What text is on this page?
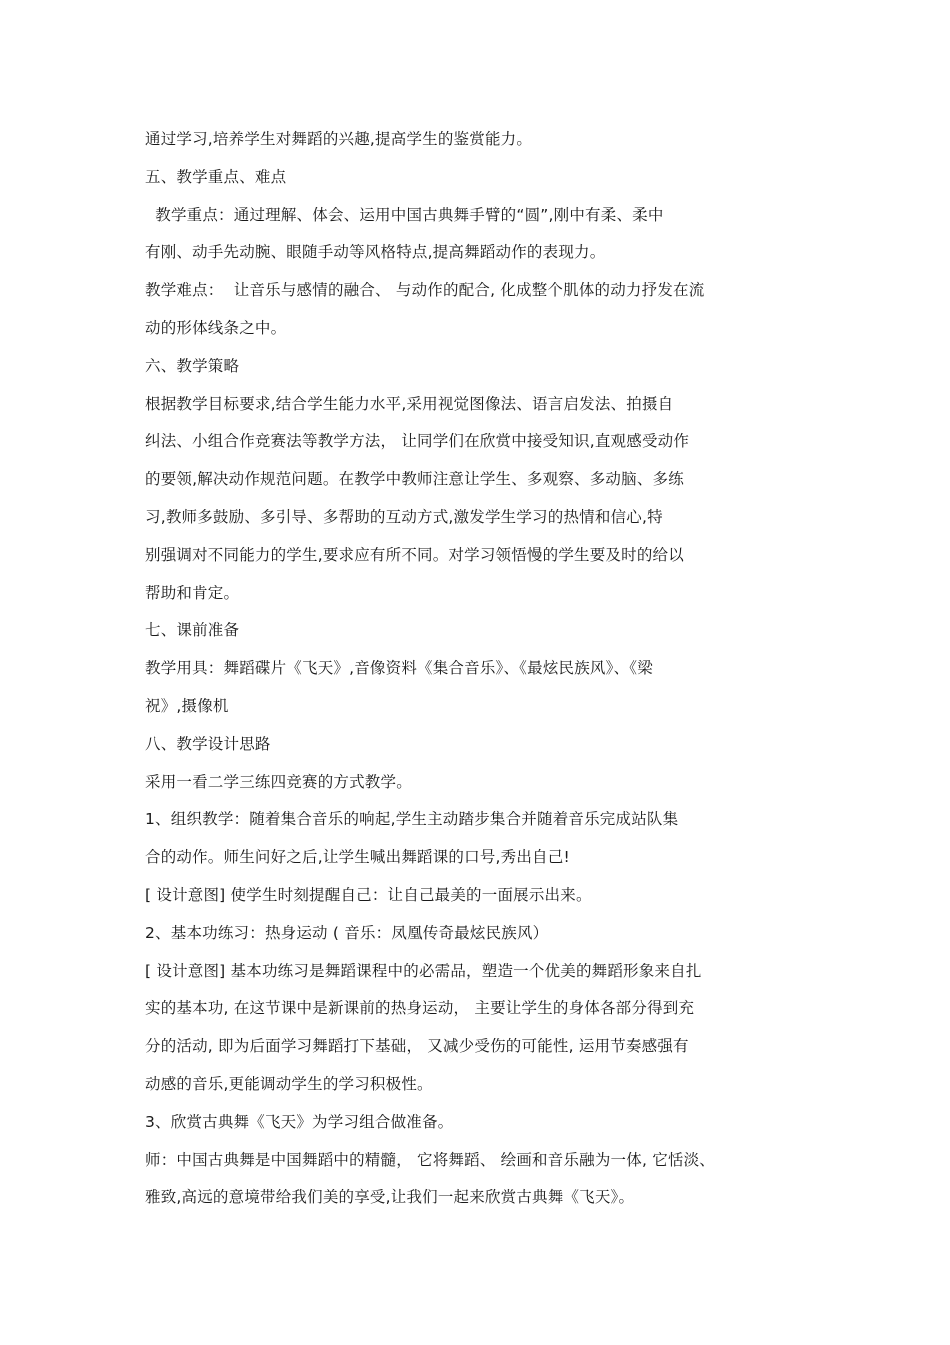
通过学习,培养学生对舞蹈的兴趣,提高学生的鉴赏能力。
五、教学重点、难点
教学重点：通过理解、体会、运用中国古典舞手臂的“圆”,刚中有柔、柔中
有刚、动手先动腕、眼随手动等风格特点,提高舞蹈动作的表现力。
教学难点：  让音乐与感情的融合、 与动作的配合, 化成整个肌体的动力抒发在流
动的形体线条之中。
六、教学策略
根据教学目标要求,结合学生能力水平,采用视觉图像法、语言启发法、拍摄自
纠法、小组合作竞赛法等教学方法， 让同学们在欣赏中接受知识,直观感受动作
的要领,解决动作规范问题。在教学中教师注意让学生、多观察、多动脑、多练
习,教师多鼓励、多引导、多帮助的互动方式,激发学生学习的热情和信心,特
别强调对不同能力的学生,要求应有所不同。对学习领悟慢的学生要及时的给以
帮助和肯定。
七、课前准备
教学用具：舞蹈碟片《飞天》,音像资料《集合音乐》、《最炫民族风》、《梁
祝》,摄像机
八、教学设计思路
采用一看二学三练四竞赛的方式教学。
1、组织教学：随着集合音乐的响起,学生主动踏步集合并随着音乐完成站队集
合的动作。师生问好之后,让学生喊出舞蹈课的口号,秀出自己!
[ 设计意图] 使学生时刻提醒自己：让自己最美的一面展示出来。
2、基本功练习：热身运动 ( 音乐：凤凰传奇最炫民族风）
[ 设计意图] 基本功练习是舞蹈课程中的必需品，塑造一个优美的舞蹈形象来自扎
实的基本功, 在这节课中是新课前的热身运动， 主要让学生的身体各部分得到充
分的活动, 即为后面学习舞蹈打下基础， 又减少受伤的可能性, 运用节奏感强有
动感的音乐,更能调动学生的学习积极性。
3、欣赏古典舞《飞天》为学习组合做准备。
师：中国古典舞是中国舞蹈中的精髓， 它将舞蹈、 绘画和音乐融为一体, 它恬淡、
雅致,高远的意境带给我们美的享受,让我们一起来欣赏古典舞《飞天》。
